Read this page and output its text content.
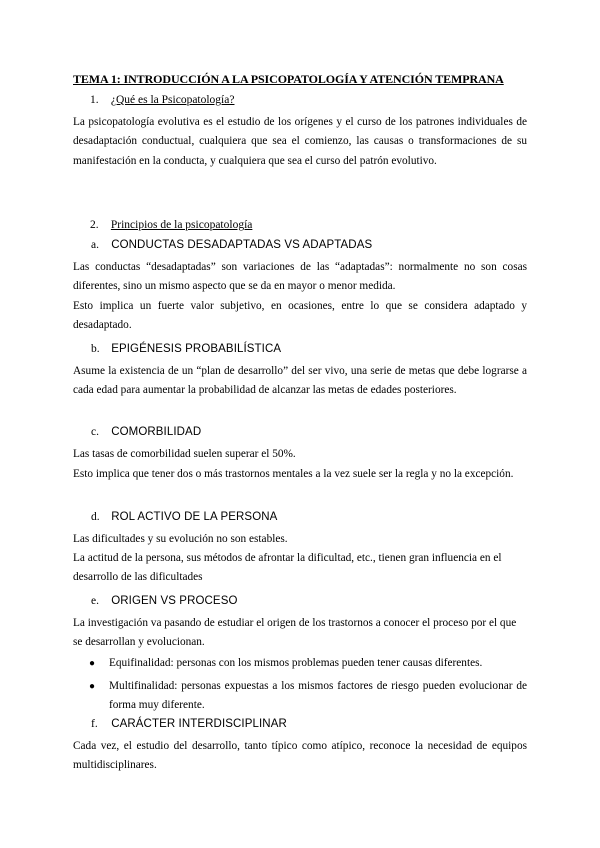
TEMA 1: INTRODUCCIÓN A LA PSICOPATOLOGÍA Y ATENCIÓN TEMPRANA
1. ¿Qué es la Psicopatología?
La psicopatología evolutiva es el estudio de los orígenes y el curso de los patrones individuales de desadaptación conductual, cualquiera que sea el comienzo, las causas o transformaciones de su manifestación en la conducta, y cualquiera que sea el curso del patrón evolutivo.
2. Principios de la psicopatología
a. CONDUCTAS DESADAPTADAS VS ADAPTADAS
Las conductas “desadaptadas” son variaciones de las “adaptadas”: normalmente no son cosas diferentes, sino un mismo aspecto que se da en mayor o menor medida.
Esto implica un fuerte valor subjetivo, en ocasiones, entre lo que se considera adaptado y desadaptado.
b. EPIGÉNESIS PROBABILÍSTICA
Asume la existencia de un “plan de desarrollo” del ser vivo, una serie de metas que debe lograrse a cada edad para aumentar la probabilidad de alcanzar las metas de edades posteriores.
c. COMORBILIDAD
Las tasas de comorbilidad suelen superar el 50%.
Esto implica que tener dos o más trastornos mentales a la vez suele ser la regla y no la excepción.
d. ROL ACTIVO DE LA PERSONA
Las dificultades y su evolución no son estables.
La actitud de la persona, sus métodos de afrontar la dificultad, etc., tienen gran influencia en el desarrollo de las dificultades
e. ORIGEN VS PROCESO
La investigación va pasando de estudiar el origen de los trastornos a conocer el proceso por el que se desarrollan y evolucionan.
●	Equifinalidad: personas con los mismos problemas pueden tener causas diferentes.
●	Multifinalidad: personas expuestas a los mismos factores de riesgo pueden evolucionar de forma muy diferente.
f. CARÁCTER INTERDISCIPLINAR
Cada vez, el estudio del desarrollo, tanto típico como atípico, reconoce la necesidad de equipos multidisciplinares.
